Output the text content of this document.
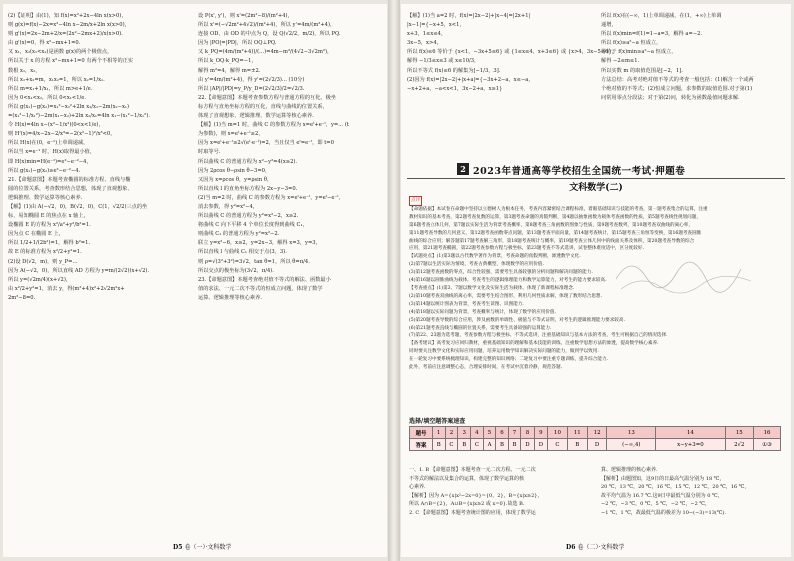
(2)【证明】由(1)，知 f(x)=x²+2x−4ln x(x>0)，

则 g(x)=f(x)−2x=x²−4ln x−2m/x+2ln x(x>0)，

则 g'(x)=2x−2m+2/x=(2x²−2mx+2)/x(x>0).

由 g'(x)=0，得 x²−mx+1=0.

又 x₁，x₂(x₁<x₂)是函数 g(x)的两个极值点，

所以关于 x 的方程 x²−mx+1=0 有两个不相等的正实

数根 x₁，x₂，

所以 x₁+x₂=m，x₁x₂=1，所以 x₂=1/x₁.

所以 m=x₁+1/x₁，所以 m>e+1/e.

因为 0<x₁<x₂，所以 0<x₁<1/e.

所以 g(x₁)−g(x₂)=x₁²−x₂²+2ln x₂/x₁−2m(x₂−x₁)

=(x₁²−1/x₁²)−2m(x₁−x₂)+2ln x₂/x₁=4ln x₁−(x₁²−1/x₁²).

令 H(x)=4ln x−(x²−1/x²)(0<x<1/e)，

则 H'(x)=4/x−2x−2/x³=−2(x²−1)²/x³<0，

所以 H(x)在(0，e⁻¹)上单调递减，

所以当 x=e⁻¹ 时，H(x)取得最小值，

即 H(x)min=H(e⁻¹)=e²−e⁻²−4，

所以 g(x₁)−g(x₂)≥e²−e⁻²−4.

21.【命题意图】本题考查椭圆的标准方程、直线与椭

圆的位置关系，考查数形结合思想，体现了直观想象、

逻辑推理、数学运算等核心素养.

【解】(1)由 A(−√2，0)，B(√2，0)，C(1，√2/2)三点的坐

标，易知椭圆 E 的焦点在 x 轴上，

设椭圆 E 的方程为 x²/a²+y²/b²=1.

因为点 C 在椭圆 E 上，

所以 1/2+1/(2b²)=1，解得 b²=1.

故 E 的标准方程为 x²/2+y²=1.

(2)设 D(√2，m)，则 y_P=...

因为 A(−√2，0)，所以直线 AD 方程为 y=m/(2√2)(x+√2).

所以 y=(√2m/4)(x+√2)，

由 x²/2+y²=1，消去 y，得(m²+4)x²+2√2m²x+

2m²−8=0.

设 P(x', y')，则 x'=(2m²−8)/(m²+4)，

所以 x'=(−√2m²+4√2)/(m²+4)，所以 y'=4m/(m²+4)，

连接 OD，由 OD 的中点为 Q，设 Q(√2/2，m/2)，所以 PQ.

因为 |PO|=|PD|，所以 OQ⊥PQ.

又 k_PQ=(4m/(m²+4))/(...)=4m−m³/(4√2−3√2m²)，

所以 k_OQ·k_PQ=−1，

解得 m²=4，解得 m=±2.

由 y'=4m/(m²+4)，得 y'=(2√2/3)... (10分)

所以 |AP|/|PD|=y_P/y_D=(2√2/3)/2=√2/3.

22.【命题意图】本题考查参数方程与普通方程的互化，极坐

标方程与直角坐标方程的互化，直线与曲线的位置关系，

体现了直观想象、逻辑推理、数学运算等核心素养.

【解】(1)当 m=1 时，曲线 C 的参数方程为 x=eᵗ+e⁻ᵗ，y=... (t

为参数)，则 x=eᵗ+e⁻ᵗ≥2，

因为 x=eᵗ+e⁻ᵗ≥2√(eᵗ·e⁻ᵗ)=2，当且仅当 eᵗ=e⁻ᵗ，即 t=0

时取等号.

所以曲线 C 的普通方程为 x²−y²=4(x≥2).

因为 2ρcos θ−ρsin θ−3=0，

又因为 x=ρcos θ，y=ρsin θ，

所以直线 l 的直角坐标方程为 2x−y−3=0.

(2)当 m=2 时，曲线 C 的参数方程为 x=eᵗ+e⁻ᵗ，y=eᵗ−e⁻ᵗ，

消去参数，得 y²=x²−4，

所以曲线 C 的普通方程为 y²=x²−2，x≥2.

将曲线 C 向下平移 4 个单位长度得到曲线 C₁，

则曲线 C₁ 的普通方程为 y²=x²−2.

联立 y=x²−6，x≥2，y=2x−3，解得 x=3，y=3，

所以直线 l 与曲线 C₁ 相交于点(3，3).

则 ρ=√(3²+3²)=3√2，tan θ=1，所以 θ=π/4.

所以交点的极坐标为(3√2，π/4).

23.【命题意图】本题考查绝对值不等式的解法、函数最小

值的求法、一元二次不等式的恒成立问题，体现了数学

运算、逻辑推理等核心素养.

D5 卷（一）·文科数学

【解】(1)当 a=2 时，f(x)=|2x−2|+|x−4|=|2x+1|

|x−1|={−x+5，x<1，

x+3，1≤x≤4，

3x−5，x>4，

所以 f(x)≤6 等价于 {x<1，−3x+5≤6} 或 {1≤x≤4，x+3≤6} 或 {x>4，3x−5≤6}，

解得 −1/3≤x≤3 或 x≤10/3，

所以不等式 f(x)≤6 的解集为[−1/3，3].

(2)因为 f(x)=|2x−2|+|x+a|={−3x+2−a，x≤−a，

−x+2+a，−a<x<1，3x−2+a，x≥1}

所以 f(x)在(−∞，1)上单调递减，在(1，+∞)上单调

递增，

所以 f(x)min=f(1)=1−a=3，解得 a=−2.

所以 f(x)≥a²−a 恒成立，

等价于 f(x)min≥a²−a 恒成立，

解得 −2≤m≤1.

所以实数 m 的取值范围是[−2，1].

方法总结：高考对绝对值不等式的考查一般包括：(1)解含一个或两

个绝对值的不等式；(2)恒成立问题，求参数的取值范围.对于第(1)

问常用零点分段法；对于第(2)问，转化为函数最值问题求解.

2 2023年普通高等学校招生全国统一考试·押题卷
文科数学(二)
点评

【命题依据】本试卷在命题中坚持以立德树人为根本任务，考查内容紧密结合课程标准，着眼基础知识与技能的考查，第一题考查集合的运算，注重

教材知识的基本考查，第2题考查复数的运算，第3题考查命题的真假判断，第4题以抽象函数为载体考查函数的性质，第5题考查线性规划问题，

第6题考查立体几何，第7题以实际生活为背景考查概率，第8题考查三角函数的图象与性质，第9题考查数列，第10题考查双曲线的离心率，

第11题考查导数的几何意义，第12题考查函数零点问题，第13题考查平面向量，第14题考查统计，第15题考查三角恒等变换，第16题考查圆锥

曲线的综合应用；解答题第17题考查解三角形，第18题考查统计与概率，第19题考查立体几何中的线面关系及体积，第20题考查导数的综合

应用，第21题考查椭圆，第22题考查参数方程与极坐标，第23题考查不等式选讲，试卷整体难度适中，区分度较好.

【试题亮点】(1)第3题以古代数学著作为背景，考查命题的真假判断，渗透数学文化.

(2)第7题以生活实际为情境，考查古典概型，体现数学的应用价值.

(3)第12题考查函数的零点，综合性较强，需要考生具备较强的分析问题和解决问题的能力.

(4)第16题以圆锥曲线为载体，考查考生的逻辑推理能力和数学运算能力，对考生的能力要求较高.

【考查重点】(1)第3、7题以数学文化及实际生活为载体，体现了新课程标准理念.

(2)第10题考查双曲线的离心率，需要考生结合图形，利用几何性质求解，体现了数形结合思想.

(3)第14题以统计图表为背景，考查考生读图、识图能力.

(4)第18题以实际问题为背景，考查概率与统计，体现了数学的应用价值.

(5)第20题考查导数的综合应用，涉及函数的单调性、极值与不等式证明，对考生的逻辑推理能力要求较高.

(6)第21题考查直线与椭圆的位置关系，需要考生具备较强的运算能力.

(7)第22、23题为选考题，考查参数方程与极坐标、不等式选讲，注重基础知识与基本方法的考查，考生可根据自己的情况选择.

【备考建议】高考复习应回归教材，重视基础知识的理解和基本技能的训练，注重数学思想方法的渗透，提高数学核心素养.

同时要关注数学文化和实际应用问题，培养运用数学知识解决实际问题的能力，做到学以致用.

在一轮复习中要系统梳理知识，构建完整的知识网络；二轮复习中要注重专题训练，提升综合能力.

此外，考前应注意调整心态，合理安排时间，在考试中沉着冷静，规范答题.

选择/填空题答案速查
题号	1	2	3	4	5	6	7	8	9	10	11	12	13	14	15	16
答案	B	C	B	C	A	B	B	D	D	C	B	D	(−∞,4)	x−y+3=0	2√2	①③

一、1. B 【命题意图】本题考查一元二次方程、一元二次

不等式的解法以及集合的运算，体现了数学运算的核

心素养.

【解析】因为 A={x|x²−2x=0}={0，2}，B={x|x≥2}，

所以 A∩B={2}，A∪B={x|x≥2 或 x=0}.故选 B.

2. C 【命题意图】本题考查统计图的应用，体现了数学运

算、逻辑推理的核心素养.

【解析】由题图知，这9日的日最高气温分别为 18 ℃，

20 ℃，13 ℃，20 ℃，16 ℃，15 ℃，12 ℃，20 ℃，16 ℃，

故平均气温为 16.7 ℃.这9日中最低气温分别为 0 ℃，

−2 ℃，−3 ℃，0 ℃，5 ℃，−2 ℃，−2 ℃，

−1 ℃，1 ℃，故最低气温的极差为 10−(−3)=13(℃).

D6 卷（二）·文科数学
